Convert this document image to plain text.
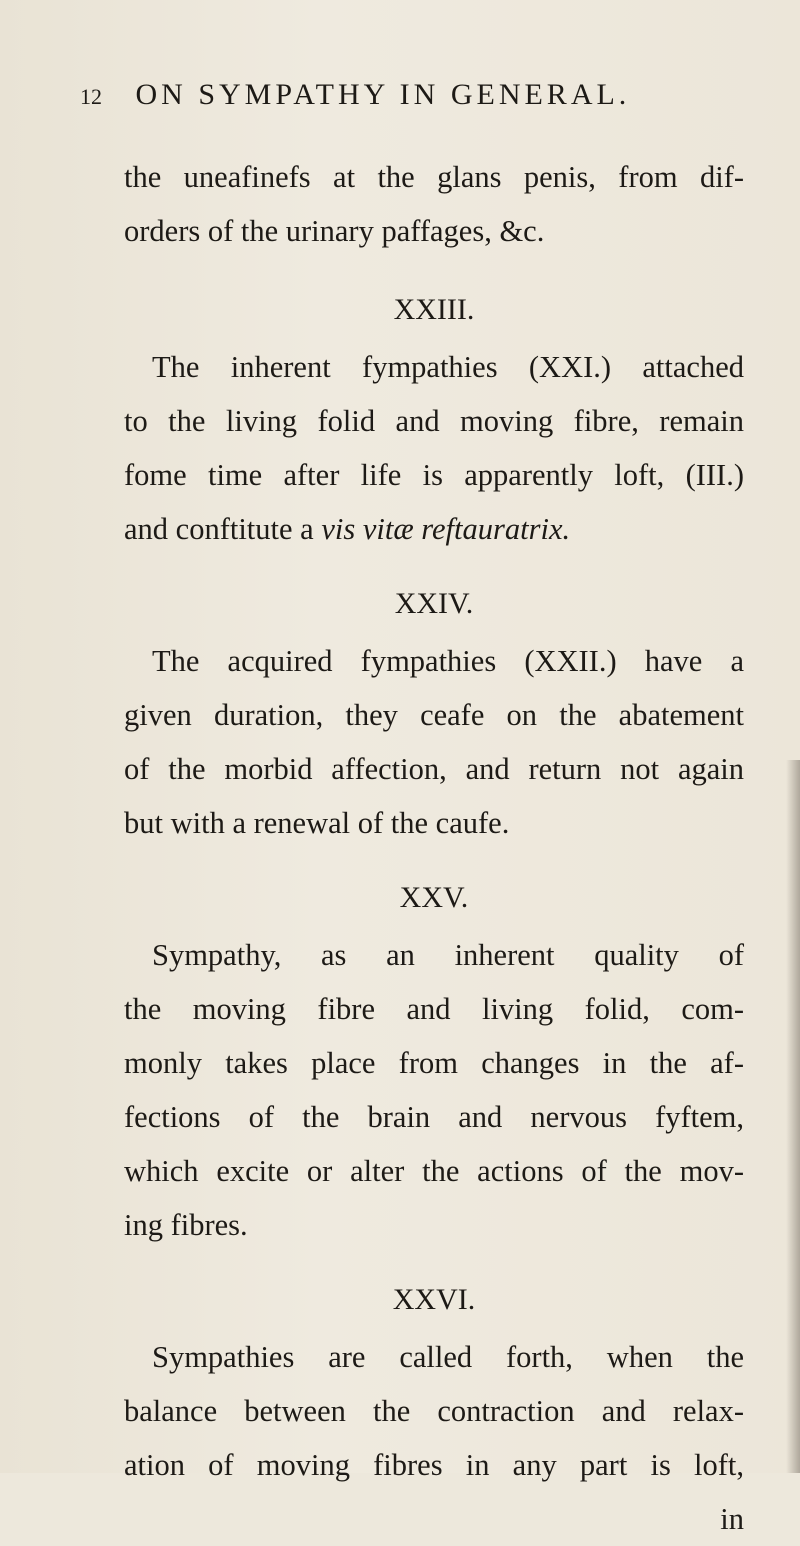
12 ON SYMPATHY IN GENERAL.
the uneafinefs at the glans penis, from dif-
orders of the urinary paffages, &c.
XXIII.
The inherent fympathies (XXI.) attached
to the living folid and moving fibre, remain
fome time after life is apparently loft, (III.)
and conftitute a vis vitæ reftauratrix.
XXIV.
The acquired fympathies (XXII.) have a
given duration, they ceafe on the abatement
of the morbid affection, and return not again
but with a renewal of the caufe.
XXV.
Sympathy, as an inherent quality of
the moving fibre and living folid, com-
monly takes place from changes in the af-
fections of the brain and nervous fyftem,
which excite or alter the actions of the mov-
ing fibres.
XXVI.
Sympathies are called forth, when the
balance between the contraction and relax-
ation of moving fibres in any part is loft,
in
